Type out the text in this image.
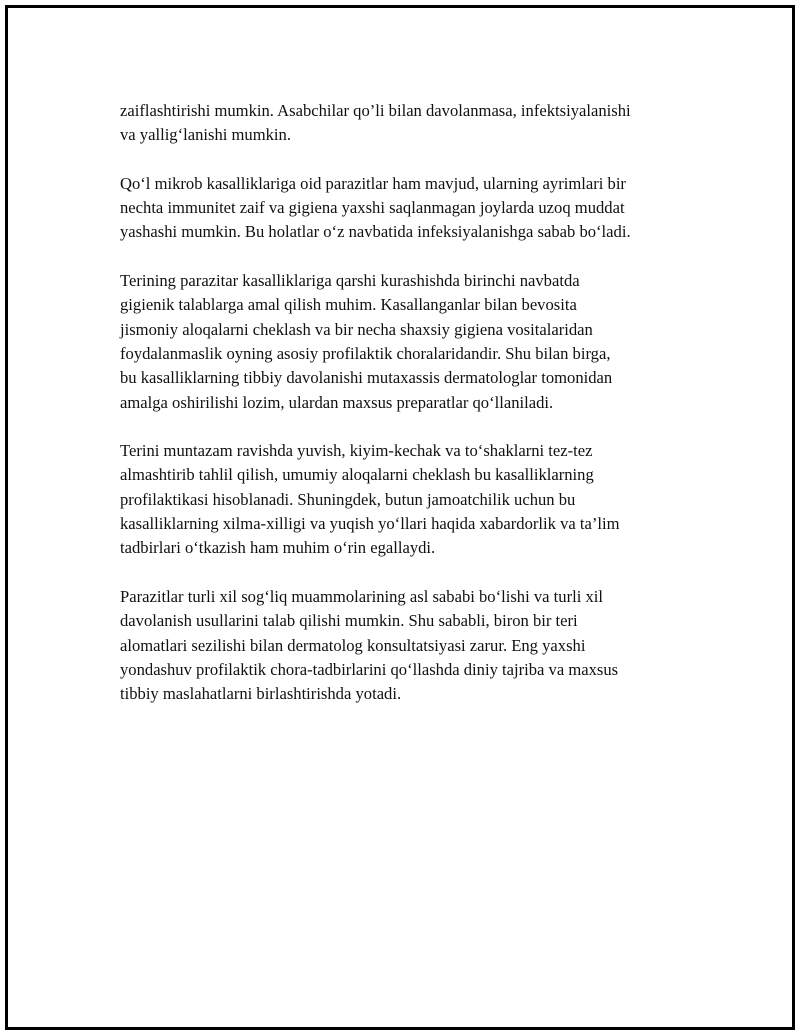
zaiflashtirishi mumkin. Asabchilar qo’li bilan davolanmasa, infektsiyalanishi
va yallig‘lanishi mumkin.

Qo‘l mikrob kasalliklariga oid parazitlar ham mavjud, ularning ayrimlari bir
nechta immunitet zaif va gigiena yaxshi saqlanmagan joylarda uzoq muddat
yashashi mumkin. Bu holatlar o‘z navbatida infeksiyalanishga sabab bo‘ladi.

Terining parazitar kasalliklariga qarshi kurashishda birinchi navbatda
gigienik talablarga amal qilish muhim. Kasallanganlar bilan bevosita
jismoniy aloqalarni cheklash va bir necha shaxsiy gigiena vositalaridan
foydalanmaslik oyning asosiy profilaktik choralaridandir. Shu bilan birga,
bu kasalliklarning tibbiy davolanishi mutaxassis dermatologlar tomonidan
amalga oshirilishi lozim, ulardan maxsus preparatlar qo‘llaniladi.

Terini muntazam ravishda yuvish, kiyim-kechak va to‘shaklarni tez-tez
almashtirib tahlil qilish, umumiy aloqalarni cheklash bu kasalliklarning
profilaktikasi hisoblanadi. Shuningdek, butun jamoatchilik uchun bu
kasalliklarning xilma-xilligi va yuqish yo‘llari haqida xabardorlik va ta’lim
tadbirlari o‘tkazish ham muhim o‘rin egallaydi.

Parazitlar turli xil sog‘liq muammolarining asl sababi bo‘lishi va turli xil
davolanish usullarini talab qilishi mumkin. Shu sababli, biron bir teri
alomatlari sezilishi bilan dermatolog konsultatsiyasi zarur. Eng yaxshi
yondashuv profilaktik chora-tadbirlarini qo‘llashda diniy tajriba va maxsus
tibbiy maslahatlarni birlashtirishda yotadi.
